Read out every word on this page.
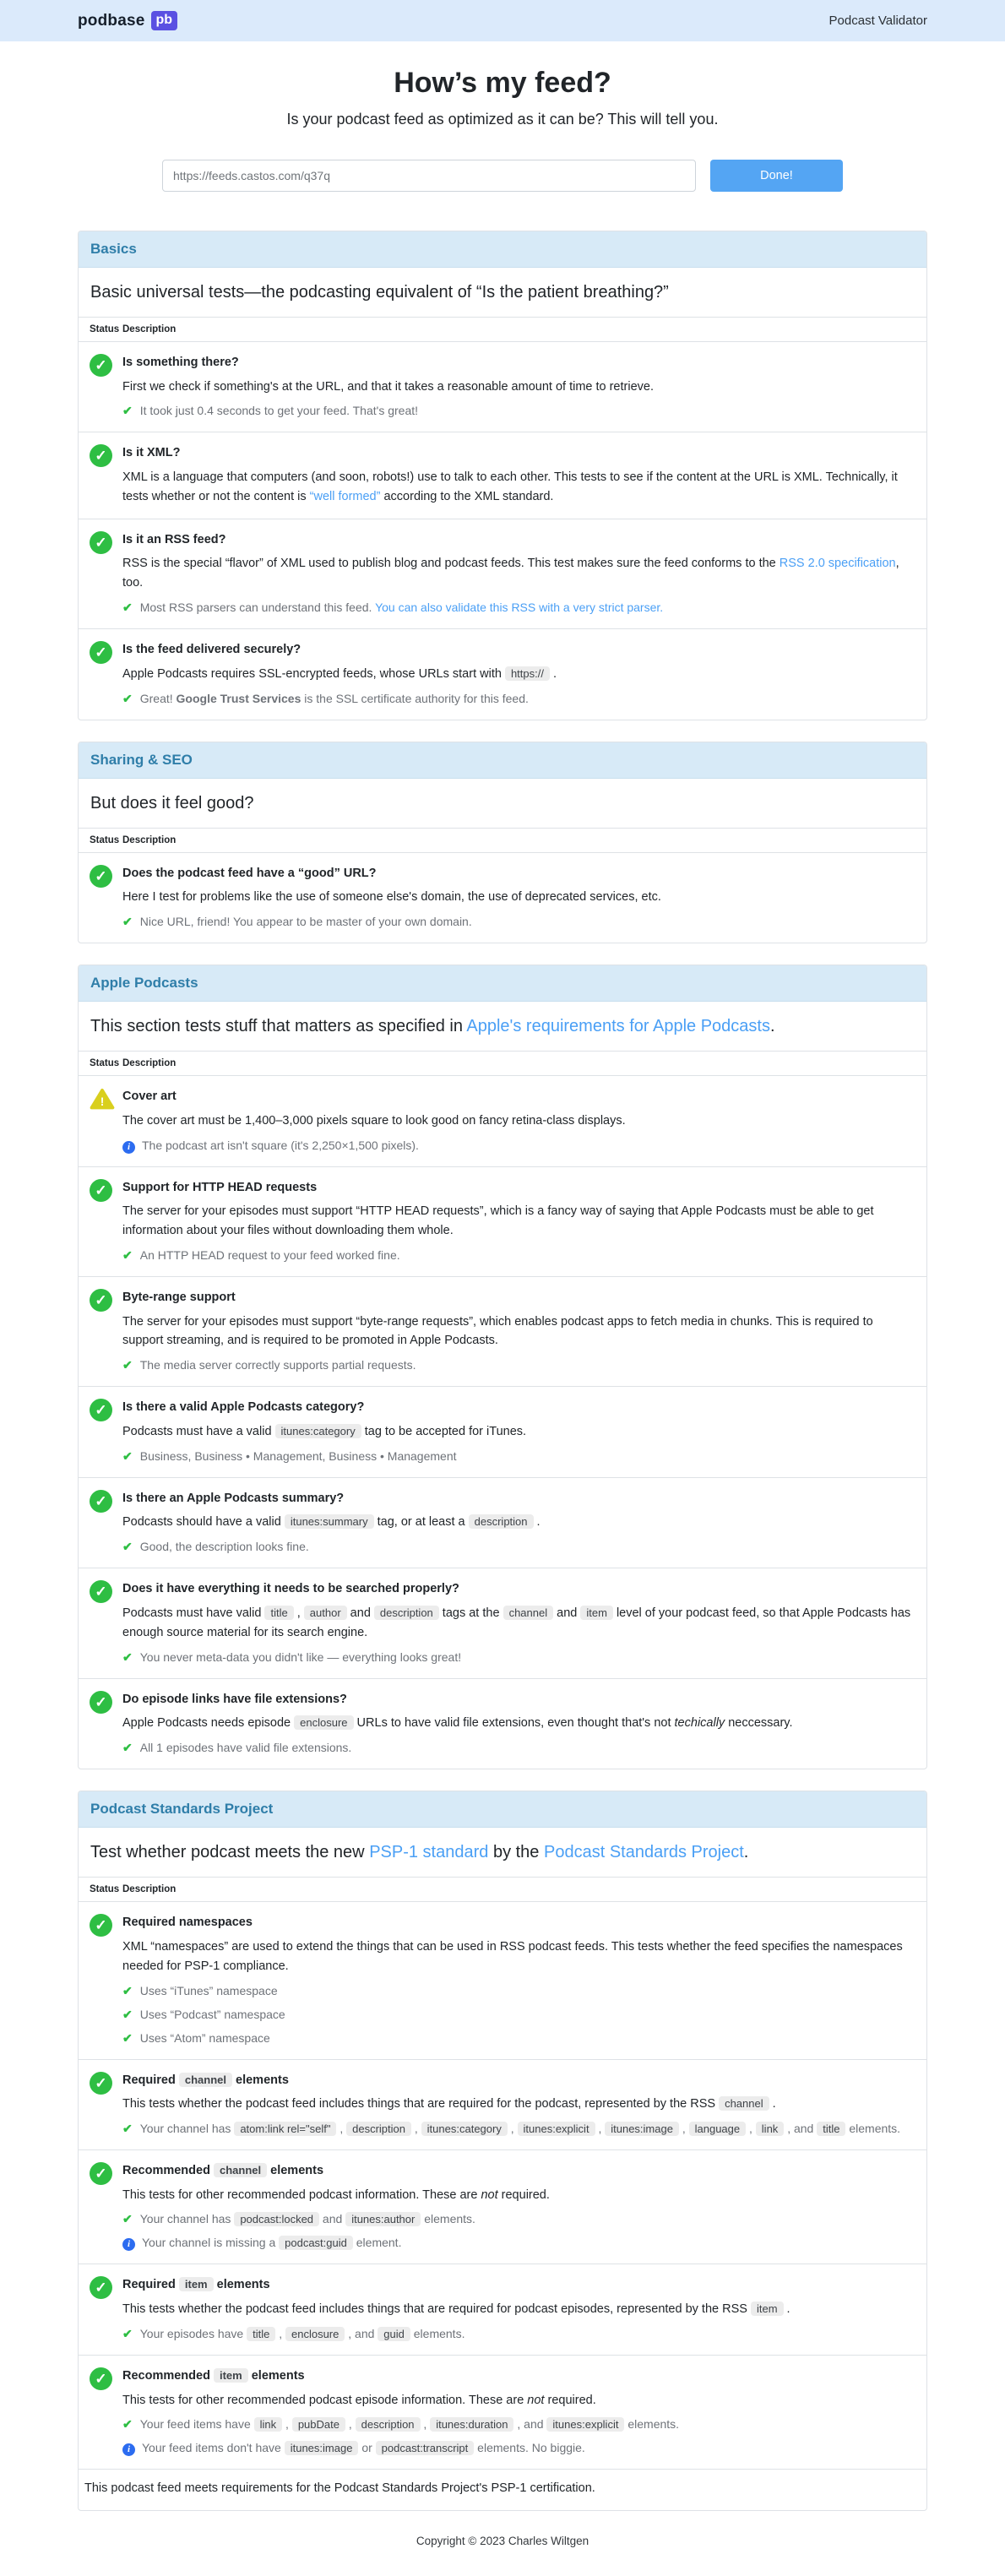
podbase pb	Podcast Validator
How’s my feed?

Is your podcast feed as optimized as it can be? This will tell you.

https://feeds.castos.com/q37q
Done!
Basics
Basic universal tests—the podcasting equivalent of “Is the patient breathing?”
Status Description
✓	Is something there?
First we check if something's at the URL, and that it takes a reasonable amount of time to retrieve.
✔ It took just 0.4 seconds to get your feed. That's great!
✓	Is it XML?
XML is a language that computers (and soon, robots!) use to talk to each other. This tests to see if the content at the URL is XML. Technically, it tests whether or not the content is “well formed” according to the XML standard.
✓	Is it an RSS feed?
RSS is the special “flavor” of XML used to publish blog and podcast feeds. This test makes sure the feed conforms to the RSS 2.0 specification, too.
✔ Most RSS parsers can understand this feed. You can also validate this RSS with a very strict parser.
✓	Is the feed delivered securely?
Apple Podcasts requires SSL-encrypted feeds, whose URLs start with https:// .
✔ Great! Google Trust Services is the SSL certificate authority for this feed.
Sharing & SEO
But does it feel good?
Status Description
✓	Does the podcast feed have a “good” URL?
Here I test for problems like the use of someone else's domain, the use of deprecated services, etc.
✔ Nice URL, friend! You appear to be master of your own domain.
Apple Podcasts
This section tests stuff that matters as specified in Apple's requirements for Apple Podcasts.
Status Description
! Cover art
The cover art must be 1,400–3,000 pixels square to look good on fancy retina-class displays.
i The podcast art isn't square (it's 2,250×1,500 pixels).
✓	Support for HTTP HEAD requests
The server for your episodes must support “HTTP HEAD requests”, which is a fancy way of saying that Apple Podcasts must be able to get information about your files without downloading them whole.
✔ An HTTP HEAD request to your feed worked fine.
✓	Byte-range support
The server for your episodes must support “byte-range requests”, which enables podcast apps to fetch media in chunks. This is required to support streaming, and is required to be promoted in Apple Podcasts.
✔ The media server correctly supports partial requests.
✓	Is there a valid Apple Podcasts category?
Podcasts must have a valid itunes:category tag to be accepted for iTunes.
✔ Business, Business • Management, Business • Management
✓	Is there an Apple Podcasts summary?
Podcasts should have a valid itunes:summary tag, or at least a description .
✔ Good, the description looks fine.
✓	Does it have everything it needs to be searched properly?
Podcasts must have valid title , author and description tags at the channel and item level of your podcast feed, so that Apple Podcasts has enough source material for its search engine.
✔ You never meta-data you didn't like — everything looks great!
✓	Do episode links have file extensions?
Apple Podcasts needs episode enclosure URLs to have valid file extensions, even thought that's not techically neccessary.
✔ All 1 episodes have valid file extensions.
Podcast Standards Project
Test whether podcast meets the new PSP-1 standard by the Podcast Standards Project.
Status Description
✓	Required namespaces
XML “namespaces” are used to extend the things that can be used in RSS podcast feeds. This tests whether the feed specifies the namespaces needed for PSP-1 compliance.
✔ Uses “iTunes” namespace
✔ Uses “Podcast” namespace
✔ Uses “Atom” namespace
✓	Required channel elements
This tests whether the podcast feed includes things that are required for the podcast, represented by the RSS channel .
✔ Your channel has atom:link rel="self" , description , itunes:category , itunes:explicit , itunes:image , language , link , and title elements.
✓	Recommended channel elements
This tests for other recommended podcast information. These are not required.
✔ Your channel has podcast:locked and itunes:author elements.
i Your channel is missing a podcast:guid element.
✓	Required item elements
This tests whether the podcast feed includes things that are required for podcast episodes, represented by the RSS item .
✔ Your episodes have title , enclosure , and guid elements.
✓	Recommended item elements
This tests for other recommended podcast episode information. These are not required.
✔ Your feed items have link , pubDate , description , itunes:duration , and itunes:explicit elements.
i Your feed items don't have itunes:image or podcast:transcript elements. No biggie.
This podcast feed meets requirements for the Podcast Standards Project's PSP-1 certification.

Copyright © 2023 Charles Wiltgen
